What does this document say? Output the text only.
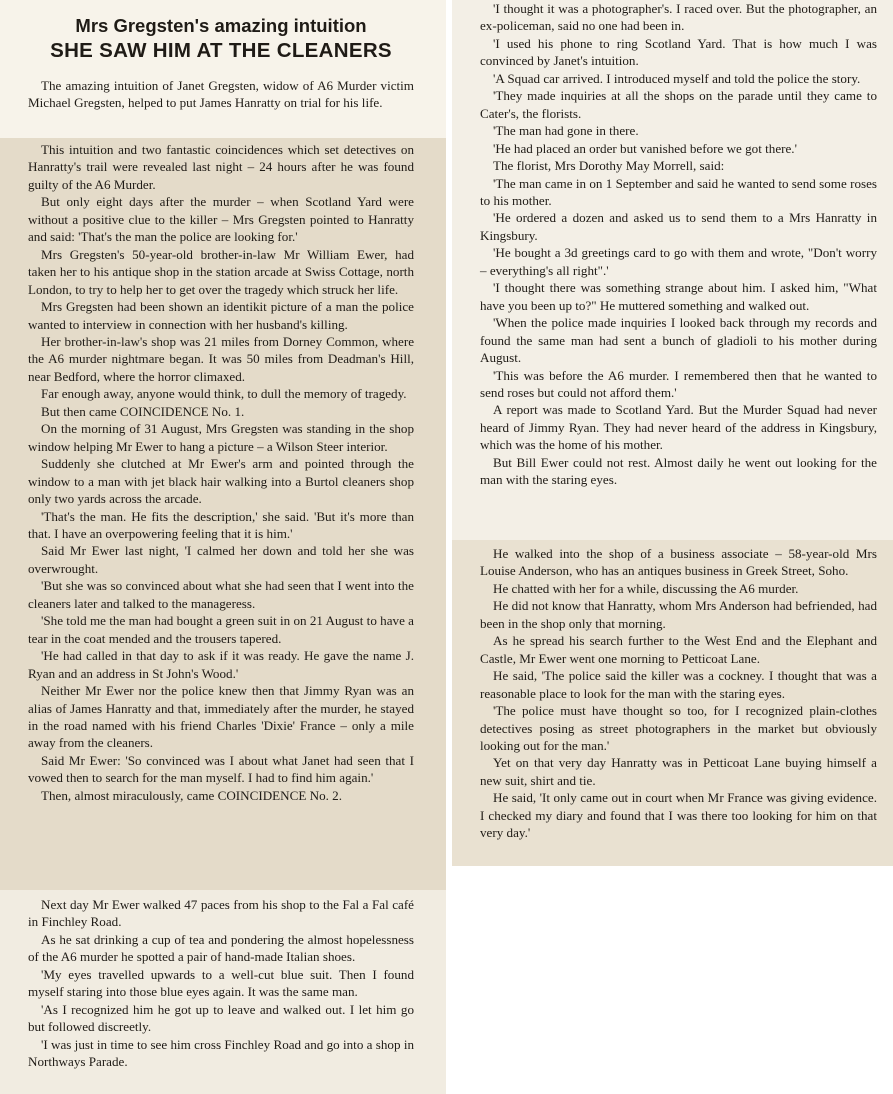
Mrs Gregsten's amazing intuition
SHE SAW HIM AT THE CLEANERS

The amazing intuition of Janet Gregsten, widow of A6 Murder victim Michael Gregsten, helped to put James Hanratty on trial for his life.

This intuition and two fantastic coincidences which set detectives on Hanratty's trail were revealed last night – 24 hours after he was found guilty of the A6 Murder.

But only eight days after the murder – when Scotland Yard were without a positive clue to the killer – Mrs Gregsten pointed to Hanratty and said: 'That's the man the police are looking for.'

Mrs Gregsten's 50-year-old brother-in-law Mr William Ewer, had taken her to his antique shop in the station arcade at Swiss Cottage, north London, to try to help her to get over the tragedy which struck her life.

Mrs Gregsten had been shown an identikit picture of a man the police wanted to interview in connection with her husband's killing.

Her brother-in-law's shop was 21 miles from Dorney Common, where the A6 murder nightmare began. It was 50 miles from Deadman's Hill, near Bedford, where the horror climaxed.

Far enough away, anyone would think, to dull the memory of tragedy.

But then came COINCIDENCE No. 1.

On the morning of 31 August, Mrs Gregsten was standing in the shop window helping Mr Ewer to hang a picture – a Wilson Steer interior.

Suddenly she clutched at Mr Ewer's arm and pointed through the window to a man with jet black hair walking into a Burtol cleaners shop only two yards across the arcade.

'That's the man. He fits the description,' she said. 'But it's more than that. I have an overpowering feeling that it is him.'

Said Mr Ewer last night, 'I calmed her down and told her she was overwrought.

'But she was so convinced about what she had seen that I went into the cleaners later and talked to the manageress.

'She told me the man had bought a green suit in on 21 August to have a tear in the coat mended and the trousers tapered.

'He had called in that day to ask if it was ready. He gave the name J. Ryan and an address in St John's Wood.'

Neither Mr Ewer nor the police knew then that Jimmy Ryan was an alias of James Hanratty and that, immediately after the murder, he stayed in the road named with his friend Charles 'Dixie' France – only a mile away from the cleaners.

Said Mr Ewer: 'So convinced was I about what Janet had seen that I vowed then to search for the man myself. I had to find him again.'

Then, almost miraculously, came COINCIDENCE No. 2.

Next day Mr Ewer walked 47 paces from his shop to the Fal a Fal café in Finchley Road.

As he sat drinking a cup of tea and pondering the almost hopelessness of the A6 murder he spotted a pair of hand-made Italian shoes.

'My eyes travelled upwards to a well-cut blue suit. Then I found myself staring into those blue eyes again. It was the same man.

'As I recognized him he got up to leave and walked out. I let him go but followed discreetly.

'I was just in time to see him cross Finchley Road and go into a shop in Northways Parade.

'I thought it was a photographer's. I raced over. But the photographer, an ex-policeman, said no one had been in.

'I used his phone to ring Scotland Yard. That is how much I was convinced by Janet's intuition.

'A Squad car arrived. I introduced myself and told the police the story.

'They made inquiries at all the shops on the parade until they came to Cater's, the florists.

'The man had gone in there.

'He had placed an order but vanished before we got there.'

The florist, Mrs Dorothy May Morrell, said:

'The man came in on 1 September and said he wanted to send some roses to his mother.

'He ordered a dozen and asked us to send them to a Mrs Hanratty in Kingsbury.

'He bought a 3d greetings card to go with them and wrote, "Don't worry – everything's all right".'

'I thought there was something strange about him. I asked him, "What have you been up to?" He muttered something and walked out.

'When the police made inquiries I looked back through my records and found the same man had sent a bunch of gladioli to his mother during August.

'This was before the A6 murder. I remembered then that he wanted to send roses but could not afford them.'

A report was made to Scotland Yard. But the Murder Squad had never heard of Jimmy Ryan. They had never heard of the address in Kingsbury, which was the home of his mother.

But Bill Ewer could not rest. Almost daily he went out looking for the man with the staring eyes.

He walked into the shop of a business associate – 58-year-old Mrs Louise Anderson, who has an antiques business in Greek Street, Soho.

He chatted with her for a while, discussing the A6 murder.

He did not know that Hanratty, whom Mrs Anderson had befriended, had been in the shop only that morning.

As he spread his search further to the West End and the Elephant and Castle, Mr Ewer went one morning to Petticoat Lane.

He said, 'The police said the killer was a cockney. I thought that was a reasonable place to look for the man with the staring eyes.

'The police must have thought so too, for I recognized plain-clothes detectives posing as street photographers in the market but obviously looking out for the man.'

Yet on that very day Hanratty was in Petticoat Lane buying himself a new suit, shirt and tie.

He said, 'It only came out in court when Mr France was giving evidence. I checked my diary and found that I was there too looking for him on that very day.'
